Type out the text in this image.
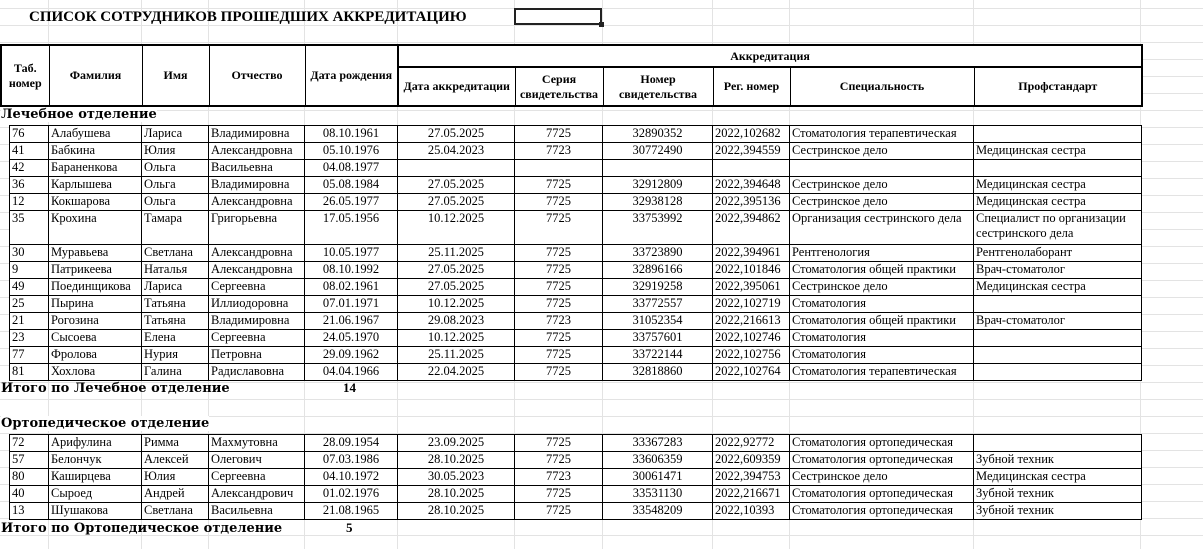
СПИСОК СОТРУДНИКОВ ПРОШЕДШИХ АККРЕДИТАЦИЮ
Таб. номер	Фамилия	Имя	Отчество	Дата рождения	Аккредитация					
					Дата аккредитации	Серия свидетельства	Номер свидетельства	Рег. номер	Специальность	Профстандарт
Лечебное отделение
76	Алабушева	Лариса	Владимировна	08.10.1961	27.05.2025	7725	32890352	2022,102682	Стоматология терапевтическая	
41	Бабкина	Юлия	Александровна	05.10.1976	25.04.2023	7723	30772490	2022,394559	Сестринское дело	Медицинская сестра
42	Бараненкова	Ольга	Васильевна	04.08.1977						
36	Карлышева	Ольга	Владимировна	05.08.1984	27.05.2025	7725	32912809	2022,394648	Сестринское дело	Медицинская сестра
12	Кокшарова	Ольга	Александровна	26.05.1977	27.05.2025	7725	32938128	2022,395136	Сестринское дело	Медицинская сестра
35	Крохина	Тамара	Григорьевна	17.05.1956	10.12.2025	7725	33753992	2022,394862	Организация сестринского дела	Специалист по организации сестринского дела
30	Муравьева	Светлана	Александровна	10.05.1977	25.11.2025	7725	33723890	2022,394961	Рентгенология	Рентгенолаборант
9	Патрикеева	Наталья	Александровна	08.10.1992	27.05.2025	7725	32896166	2022,101846	Стоматология общей практики	Врач-стоматолог
49	Поединщикова	Лариса	Сергеевна	08.02.1961	27.05.2025	7725	32919258	2022,395061	Сестринское дело	Медицинская сестра
25	Пырина	Татьяна	Иллиодоровна	07.01.1971	10.12.2025	7725	33772557	2022,102719	Стоматология	
21	Рогозина	Татьяна	Владимировна	21.06.1967	29.08.2023	7723	31052354	2022,216613	Стоматология общей практики	Врач-стоматолог
23	Сысоева	Елена	Сергеевна	24.05.1970	10.12.2025	7725	33757601	2022,102746	Стоматология	
77	Фролова	Нурия	Петровна	29.09.1962	25.11.2025	7725	33722144	2022,102756	Стоматология	
81	Хохлова	Галина	Радиславовна	04.04.1966	22.04.2025	7725	32818860	2022,102764	Стоматология терапевтическая	
Итого по Лечебное отделение	14
Ортопедическое отделение
72	Арифулина	Римма	Махмутовна	28.09.1954	23.09.2025	7725	33367283	2022,92772	Стоматология ортопедическая	
57	Белончук	Алексей	Олегович	07.03.1986	28.10.2025	7725	33606359	2022,609359	Стоматология ортопедическая	Зубной техник
80	Каширцева	Юлия	Сергеевна	04.10.1972	30.05.2023	7723	30061471	2022,394753	Сестринское дело	Медицинская сестра
40	Сыроед	Андрей	Александрович	01.02.1976	28.10.2025	7725	33531130	2022,216671	Стоматология ортопедическая	Зубной техник
13	Шушакова	Светлана	Васильевна	21.08.1965	28.10.2025	7725	33548209	2022,10393	Стоматология ортопедическая	Зубной техник
Итого по Ортопедическое отделение	5
